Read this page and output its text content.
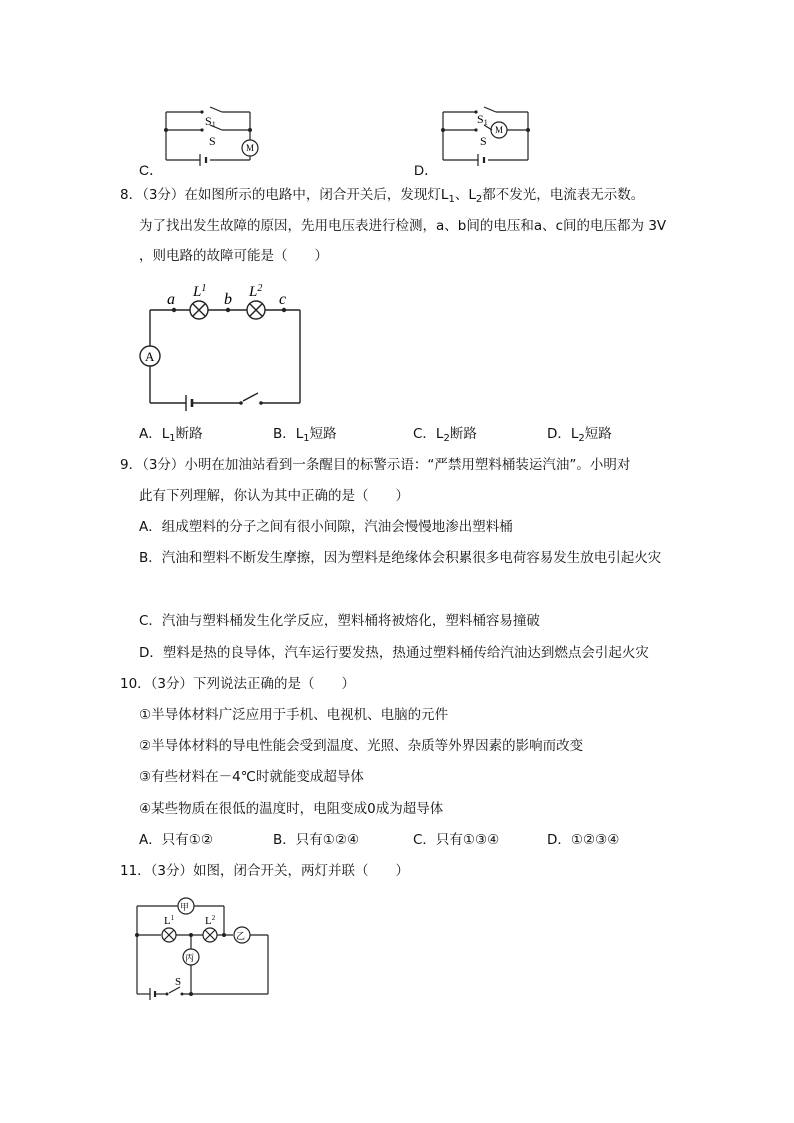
C．
S1
S	M
S1
S
M
D．
8．（3分）在如图所示的电路中，闭合开关后，发现灯$L_1$、$L_2$都不发光，电流表无示数。
为了找出发生故障的原因，先用电压表进行检测，a、b间的电压和a、c间的电压都为 3V
，则电路的故障可能是（　　）
a	b	c
$L^1$	$L^2$
A
A．$L_1$断路	B．$L_1$短路	C．$L_2$断路	D．$L_2$短路
9．（3分）小明在加油站看到一条醒目的标警示语：“严禁用塑料桶装运汽油”。小明对
此有下列理解，你认为其中正确的是（　　）
A．组成塑料的分子之间有很小间隙，汽油会慢慢地渗出塑料桶
B．汽油和塑料不断发生摩擦，因为塑料是绝缘体会积累很多电荷容易发生放电引起火灾
C．汽油与塑料桶发生化学反应，塑料桶将被熔化，塑料桶容易撞破
D．塑料是热的良导体，汽车运行要发热，热通过塑料桶传给汽油达到燃点会引起火灾
10．（3分）下列说法正确的是（　　）
①半导体材料广泛应用于手机、电视机、电脑的元件
②半导体材料的导电性能会受到温度、光照、杂质等外界因素的影响而改变
③有些材料在－4℃时就能变成超导体
④某些物质在很低的温度时，电阻变成0成为超导体
A．只有①②	B．只有①②④	C．只有①③④	D．①②③④
11．（3分）如图，闭合开关，两灯并联（　　）
甲
乙
丙
$L^1$	$L^2$
S
